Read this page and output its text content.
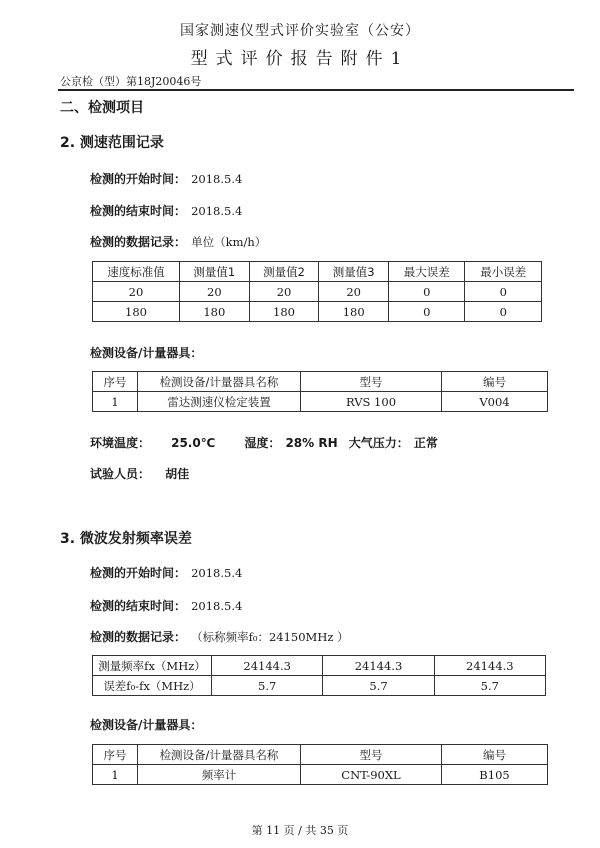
国家测速仪型式评价实验室（公安）
型式评价报告附件1
公京检（型）第18J20046号
二、检测项目
2. 测速范围记录
检测的开始时间： 2018.5.4
检测的结束时间： 2018.5.4
检测的数据记录： 单位（km/h）
速度标准值	测量值1	测量值2	测量值3	最大误差	最小误差
20	20	20	20	0	0
180	180	180	180	0	0
检测设备/计量器具：
序号	检测设备/计量器具名称	型号	编号
1	雷达测速仪检定装置	RVS 100	V004
环境温度： 25.0℃ 湿度： 28% RH 大气压力： 正常
试验人员： 胡佳
3. 微波发射频率误差
检测的开始时间： 2018.5.4
检测的结束时间： 2018.5.4
检测的数据记录： （标称频率f₀：24150MHz ）
测量频率fx（MHz）	24144.3	24144.3	24144.3
误差f₀-fx（MHz）	5.7	5.7	5.7
检测设备/计量器具：
序号	检测设备/计量器具名称	型号	编号
1	频率计	CNT-90XL	B105
第 11 页 / 共 35 页
